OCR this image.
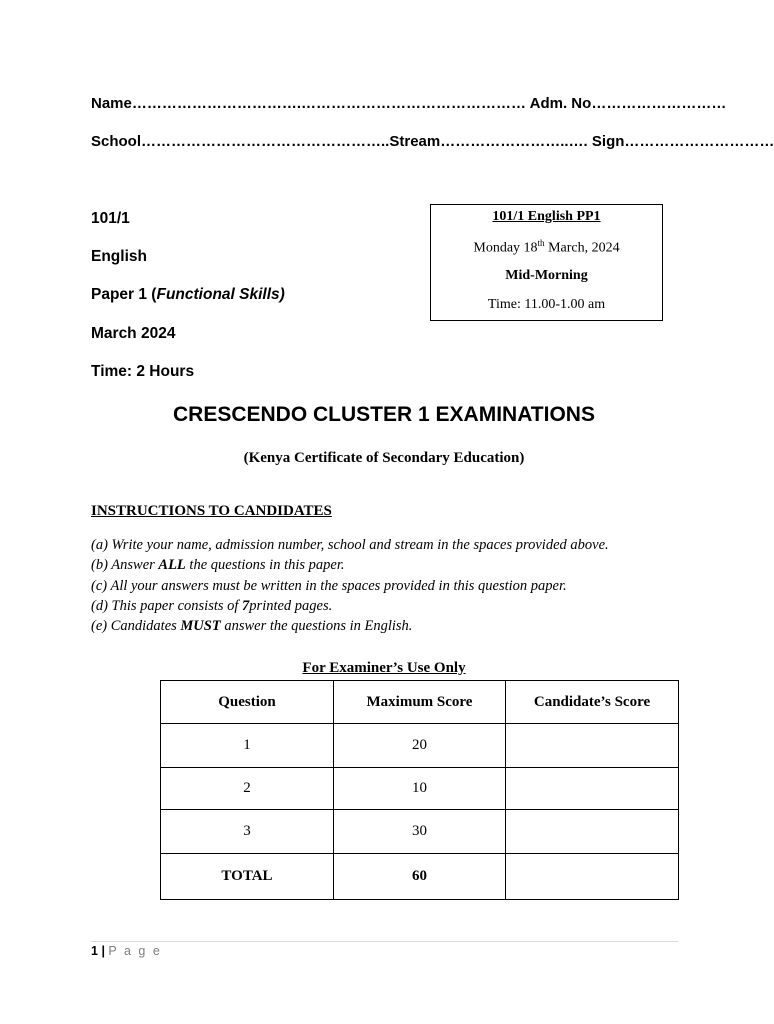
Name…………………………….……………………………………… Adm. No………………………
School…………………………………………..Stream……………………..…. Sign…………………………
101/1
English
Paper 1 (Functional Skills)
March 2024
Time: 2 Hours
101/1 English PP1
Monday 18th March, 2024
Mid-Morning
Time: 11.00-1.00 am
CRESCENDO CLUSTER 1 EXAMINATIONS
(Kenya Certificate of Secondary Education)
INSTRUCTIONS TO CANDIDATES
(a) Write your name, admission number, school and stream in the spaces provided above.
(b) Answer ALL the questions in this paper.
(c) All your answers must be written in the spaces provided in this question paper.
(d) This paper consists of 7printed pages.
(e) Candidates MUST answer the questions in English.
For Examiner’s Use Only
Question	Maximum Score	Candidate’s Score
1	20	
2	10	
3	30	
TOTAL	60	
1 | P a g e
